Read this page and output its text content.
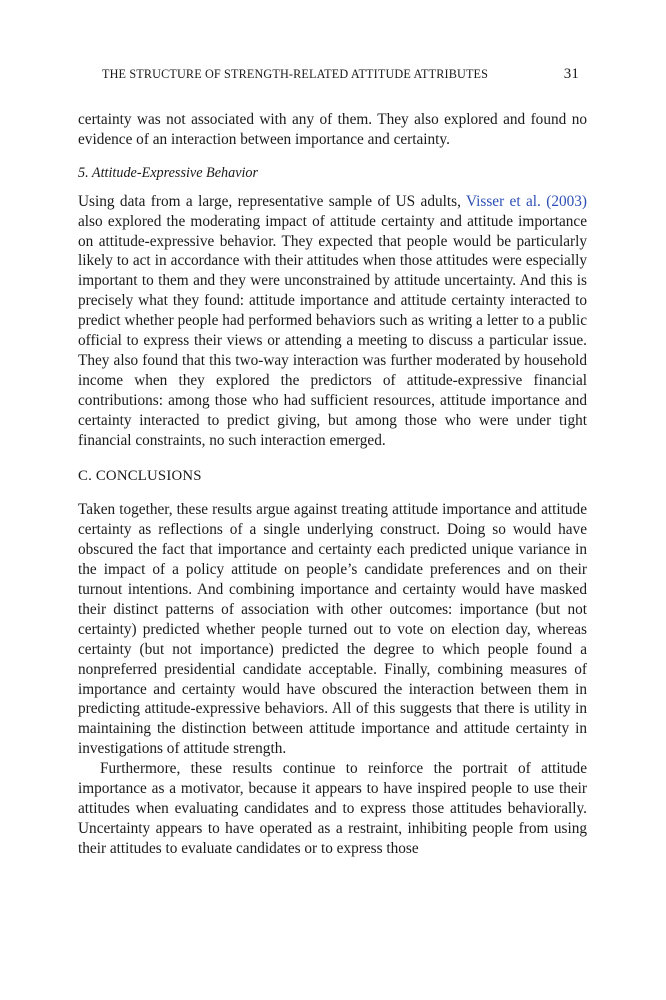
THE STRUCTURE OF STRENGTH-RELATED ATTITUDE ATTRIBUTES	31

certainty was not associated with any of them. They also explored and found no evidence of an interaction between importance and certainty.

5. Attitude-Expressive Behavior

Using data from a large, representative sample of US adults, Visser et al. (2003) also explored the moderating impact of attitude certainty and attitude importance on attitude-expressive behavior. They expected that people would be particularly likely to act in accordance with their attitudes when those attitudes were especially important to them and they were unconstrained by attitude uncertainty. And this is precisely what they found: attitude importance and attitude certainty interacted to predict whether people had performed behaviors such as writing a letter to a public official to express their views or attending a meeting to discuss a particular issue. They also found that this two-way interaction was further moderated by household income when they explored the predictors of attitude-expressive financial contributions: among those who had sufficient resources, attitude importance and certainty interacted to predict giving, but among those who were under tight financial constraints, no such interaction emerged.

C. CONCLUSIONS

Taken together, these results argue against treating attitude importance and attitude certainty as reflections of a single underlying construct. Doing so would have obscured the fact that importance and certainty each predicted unique variance in the impact of a policy attitude on people’s candidate preferences and on their turnout intentions. And combining importance and certainty would have masked their distinct patterns of association with other outcomes: importance (but not certainty) predicted whether people turned out to vote on election day, whereas certainty (but not importance) predicted the degree to which people found a nonpreferred presidential candidate acceptable. Finally, combining measures of importance and certainty would have obscured the interaction between them in predicting attitude-expressive behaviors. All of this suggests that there is utility in maintaining the distinction between attitude importance and attitude certainty in investigations of attitude strength.

Furthermore, these results continue to reinforce the portrait of attitude importance as a motivator, because it appears to have inspired people to use their attitudes when evaluating candidates and to express those attitudes behaviorally. Uncertainty appears to have operated as a restraint, inhibiting people from using their attitudes to evaluate candidates or to express those
